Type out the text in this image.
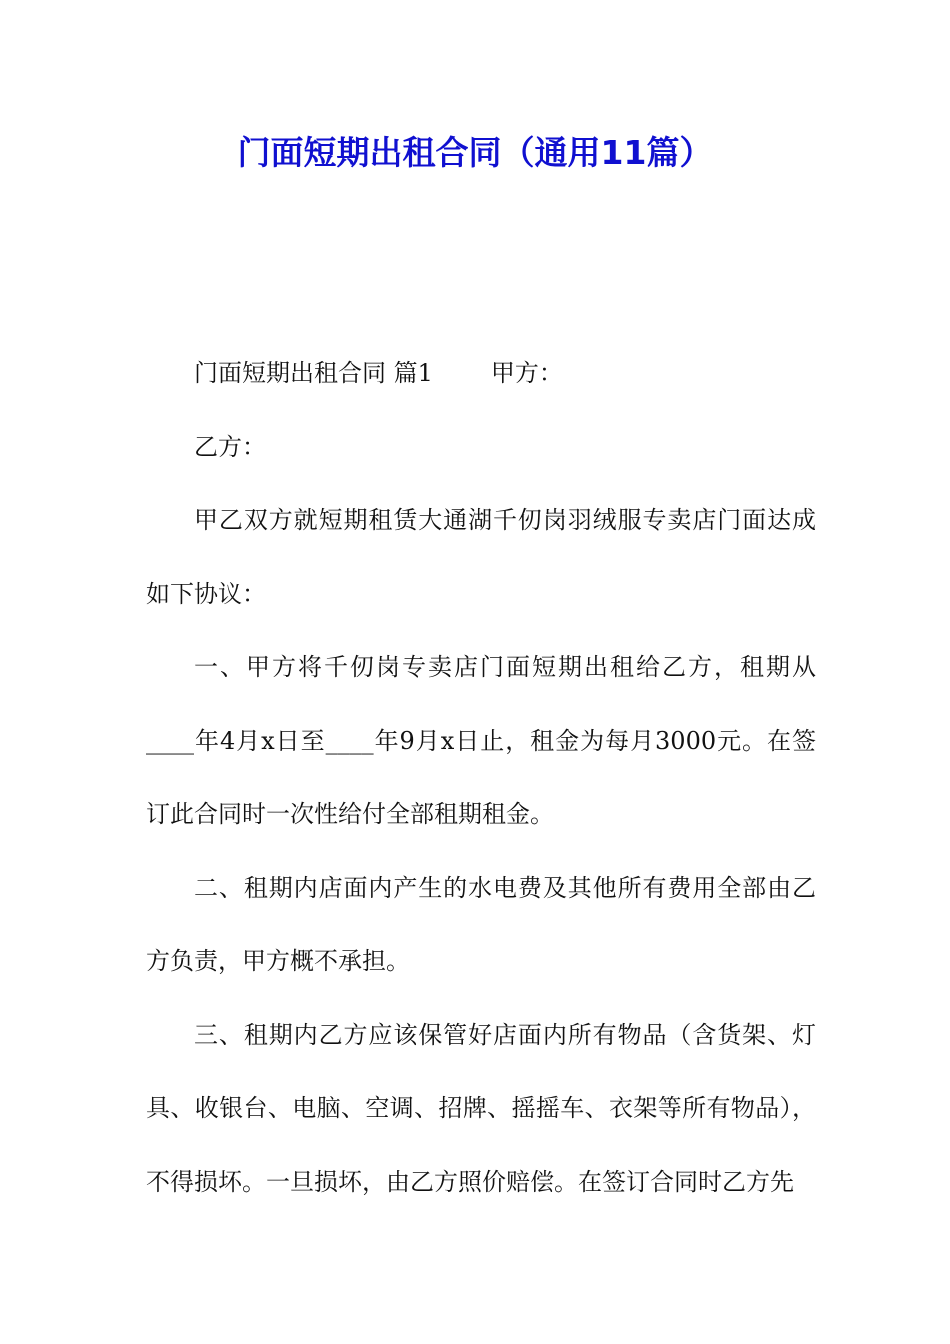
门面短期出租合同（通用11篇）

门面短期出租合同 篇1 甲方：

乙方：

甲乙双方就短期租赁大通湖千仞岗羽绒服专卖店门面达成如下协议：

一、甲方将千仞岗专卖店门面短期出租给乙方，租期从____年4月x日至____年9月x日止，租金为每月3000元。在签订此合同时一次性给付全部租期租金。

二、租期内店面内产生的水电费及其他所有费用全部由乙方负责，甲方概不承担。

三、租期内乙方应该保管好店面内所有物品（含货架、灯具、收银台、电脑、空调、招牌、摇摇车、衣架等所有物品），不得损坏。一旦损坏，由乙方照价赔偿。在签订合同时乙方先
